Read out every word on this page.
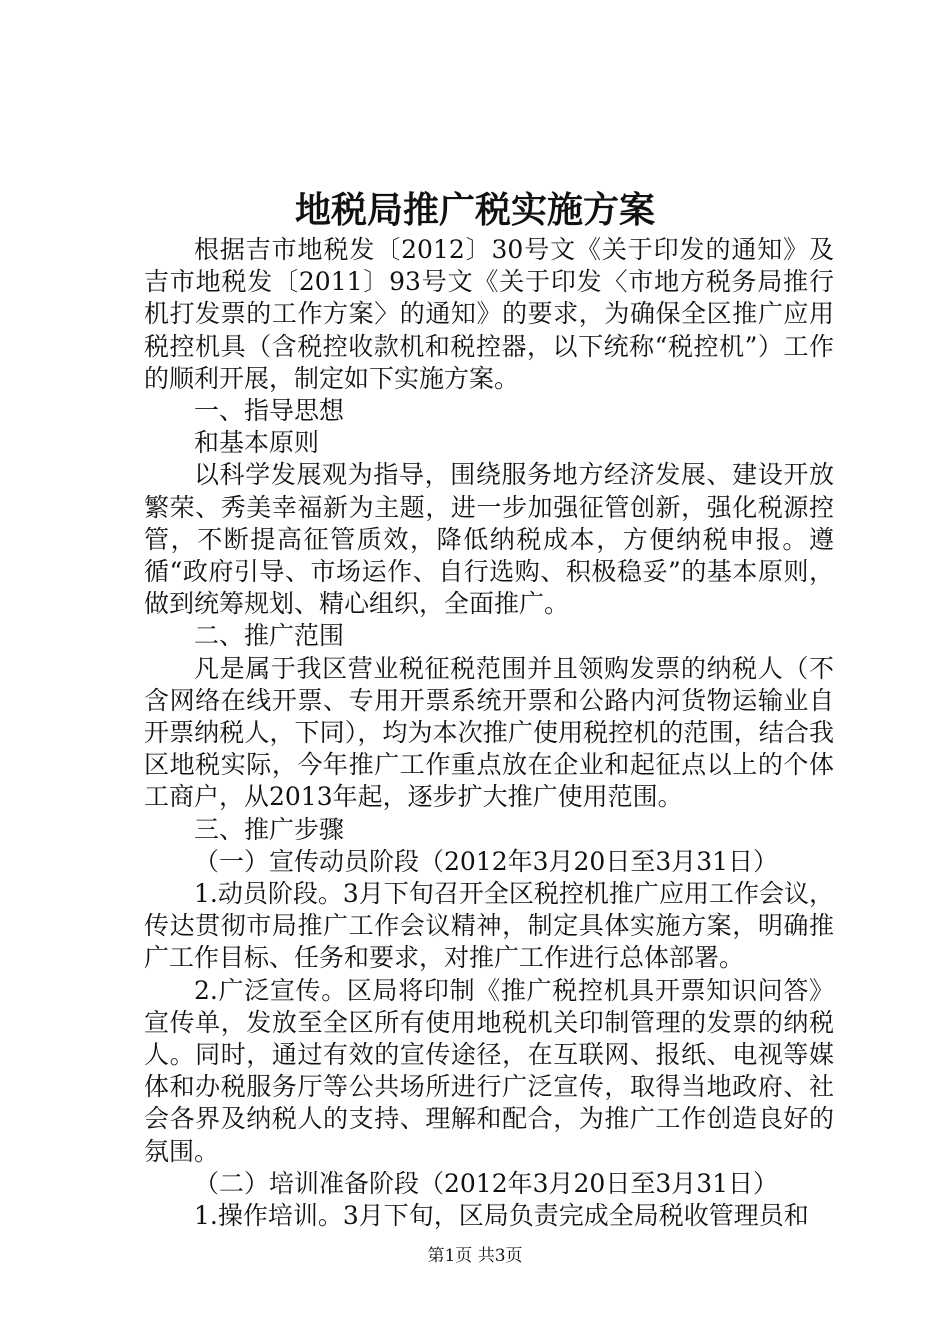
地税局推广税实施方案

根据吉市地税发〔2012〕30号文《关于印发的通知》及吉市地税发〔2011〕93号文《关于印发〈市地方税务局推行机打发票的工作方案〉的通知》的要求，为确保全区推广应用税控机具（含税控收款机和税控器，以下统称“税控机”）工作的顺利开展，制定如下实施方案。

一、指导思想

和基本原则

以科学发展观为指导，围绕服务地方经济发展、建设开放繁荣、秀美幸福新为主题，进一步加强征管创新，强化税源控管，不断提高征管质效，降低纳税成本，方便纳税申报。遵循“政府引导、市场运作、自行选购、积极稳妥”的基本原则，做到统筹规划、精心组织，全面推广。

二、推广范围

凡是属于我区营业税征税范围并且领购发票的纳税人（不含网络在线开票、专用开票系统开票和公路内河货物运输业自开票纳税人，下同），均为本次推广使用税控机的范围，结合我区地税实际，今年推广工作重点放在企业和起征点以上的个体工商户，从2013年起，逐步扩大推广使用范围。

三、推广步骤

（一）宣传动员阶段（2012年3月20日至3月31日）

1.动员阶段。3月下旬召开全区税控机推广应用工作会议，传达贯彻市局推广工作会议精神，制定具体实施方案，明确推广工作目标、任务和要求，对推广工作进行总体部署。

2.广泛宣传。区局将印制《推广税控机具开票知识问答》宣传单，发放至全区所有使用地税机关印制管理的发票的纳税人。同时，通过有效的宣传途径，在互联网、报纸、电视等媒体和办税服务厅等公共场所进行广泛宣传，取得当地政府、社会各界及纳税人的支持、理解和配合，为推广工作创造良好的氛围。

（二）培训准备阶段（2012年3月20日至3月31日）

1.操作培训。3月下旬，区局负责完成全局税收管理员和

第1页 共3页
